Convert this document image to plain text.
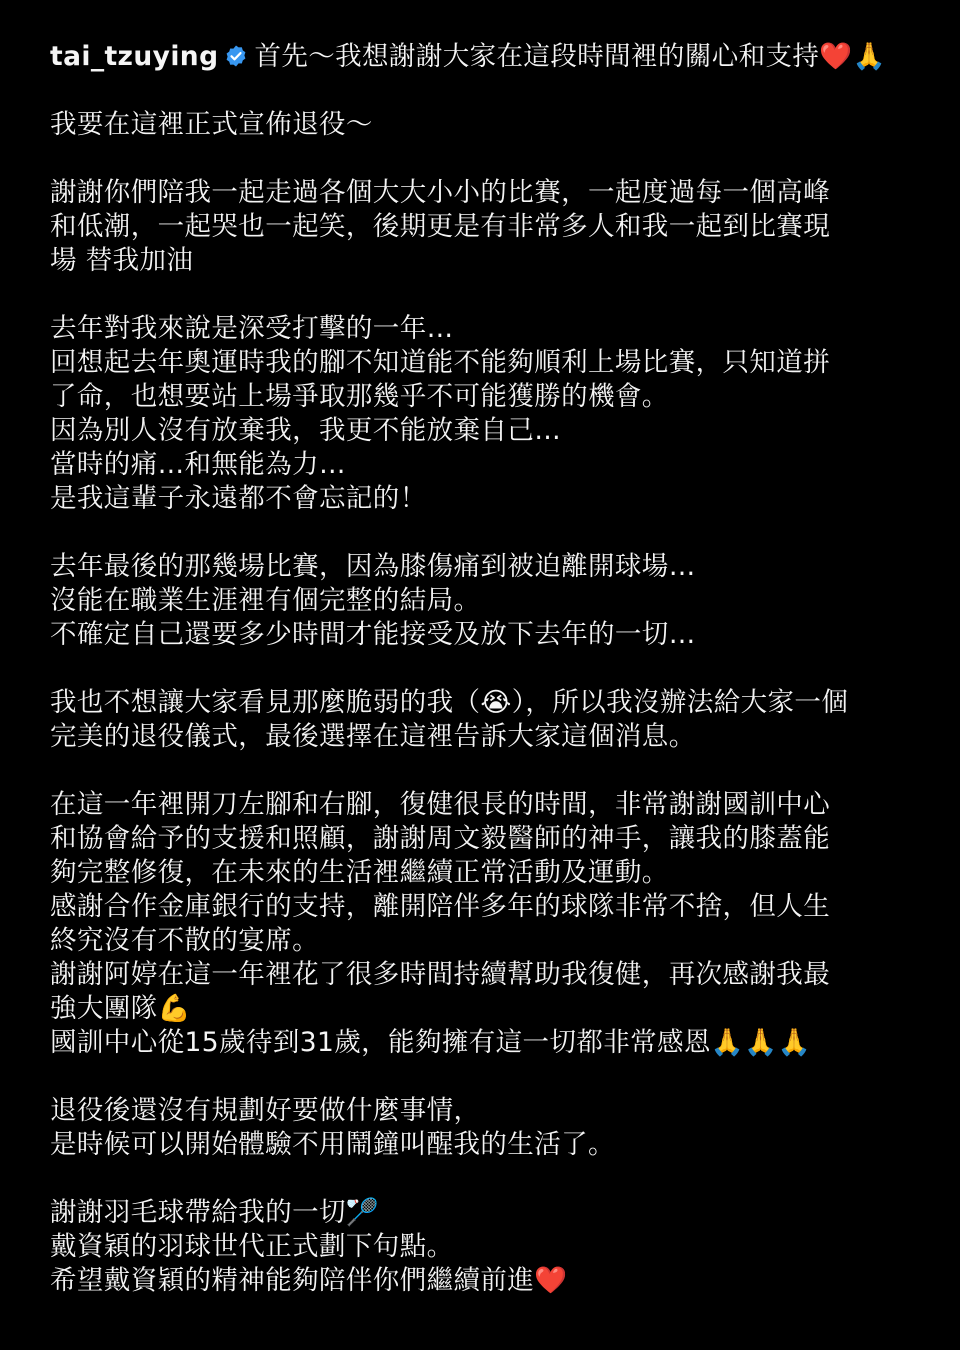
tai_tzuying 首先～我想謝謝大家在這段時間裡的關心和支持❤️🙏
我要在這裡正式宣佈退役～
謝謝你們陪我一起走過各個大大小小的比賽，一起度過每一個高峰
和低潮，一起哭也一起笑，後期更是有非常多人和我一起到比賽現
場 替我加油
去年對我來說是深受打擊的一年…
回想起去年奧運時我的腳不知道能不能夠順利上場比賽，只知道拼
了命，也想要站上場爭取那幾乎不可能獲勝的機會。
因為別人沒有放棄我，我更不能放棄自己…
當時的痛…和無能為力…
是我這輩子永遠都不會忘記的！
去年最後的那幾場比賽，因為膝傷痛到被迫離開球場…
沒能在職業生涯裡有個完整的結局。
不確定自己還要多少時間才能接受及放下去年的一切…
我也不想讓大家看見那麼脆弱的我（😭），所以我沒辦法給大家一個
完美的退役儀式，最後選擇在這裡告訴大家這個消息。
在這一年裡開刀左腳和右腳，復健很長的時間，非常謝謝國訓中心
和協會給予的支援和照顧，謝謝周文毅醫師的神手，讓我的膝蓋能
夠完整修復，在未來的生活裡繼續正常活動及運動。
感謝合作金庫銀行的支持，離開陪伴多年的球隊非常不捨，但人生
終究沒有不散的宴席。
謝謝阿婷在這一年裡花了很多時間持續幫助我復健，再次感謝我最
強大團隊💪
國訓中心從15歲待到31歲，能夠擁有這一切都非常感恩🙏🙏🙏
退役後還沒有規劃好要做什麼事情，
是時候可以開始體驗不用鬧鐘叫醒我的生活了。
謝謝羽毛球帶給我的一切🏸
戴資穎的羽球世代正式劃下句點。
希望戴資穎的精神能夠陪伴你們繼續前進❤️
